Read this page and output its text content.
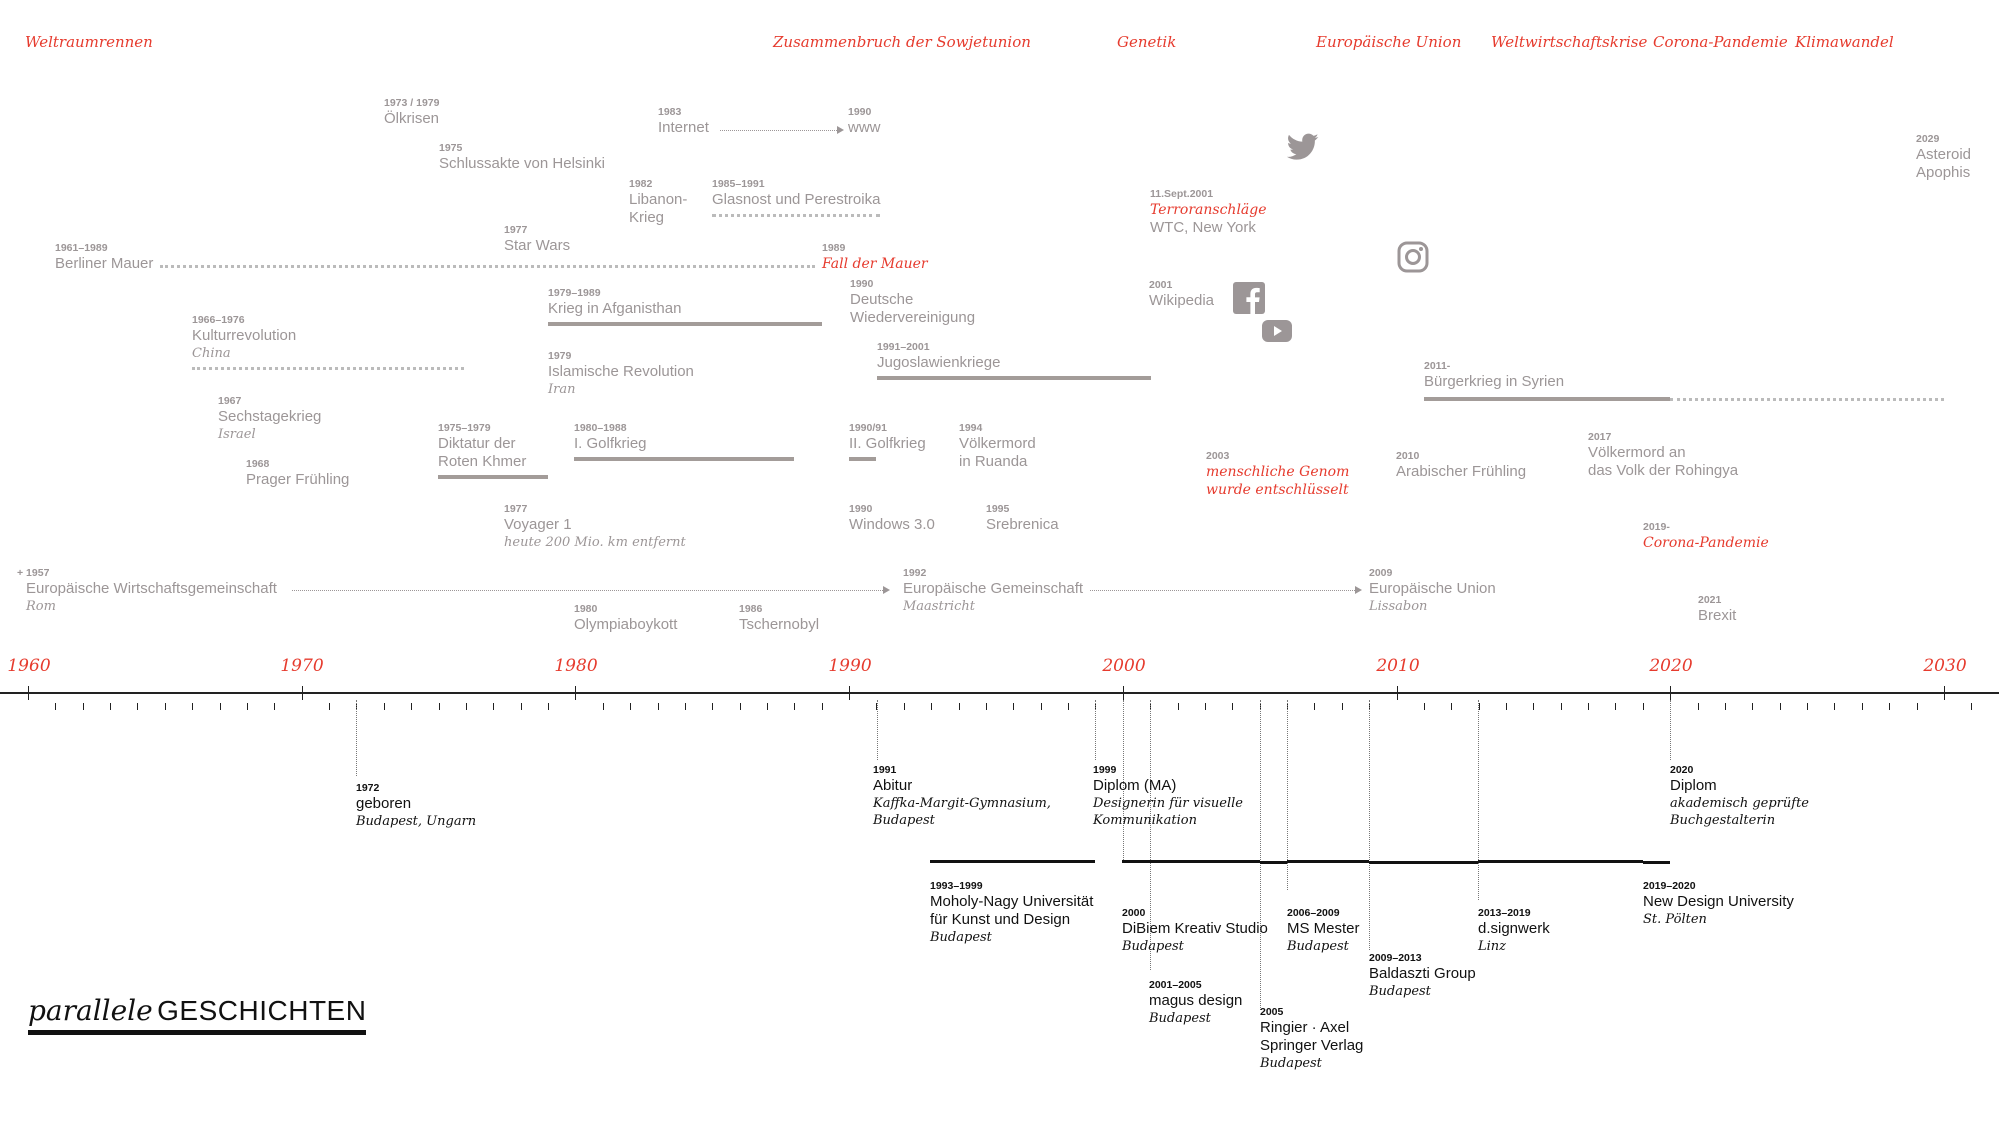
Weltraumrennen	Zusammenbruch der Sowjetunion	Genetik	Europäische Union Weltwirtschaftskrise Corona-Pandemie Klimawandel
1973 / 1979
Ölkrisen	1983
Internet
1990
www
1975
Schlussakte von Helsinki
1982
Libanon-
Krieg
1985–1991
Glasnost und Perestroika
1977
Star Wars
1961–1989
Berliner Mauer
1989
Fall der Mauer
1979–1989
Krieg in Afganisthan
1990
Deutsche
Wiedervereinigung
1966–1976
Kulturrevolution
China	1979
Islamische Revolution
Iran
1991–2001
Jugoslawienkriege
1967
Sechstagekrieg
Israel
1968
Prager Frühling
1975–1979
Diktatur der
Roten Khmer
1980–1988
I. Golfkrieg
1990/91
II. Golfkrieg
1994
Völkermord
in Ruanda
1977
Voyager 1
heute 200 Mio. km entfernt
1990
Windows 3.0
1995
Srebrenica
+ 1957
Europäische Wirtschaftsgemeinschaft
Rom
1992
Europäische Gemeinschaft
Maastricht
2009
Europäische Union
Lissabon
1980
Olympiaboykott
1986
Tschernobyl
11.Sept.2001
Terroranschläge
WTC, New York
2001
Wikipedia
2003
menschliche Genom
wurde entschlüsselt
2011-
Bürgerkrieg in Syrien
2010
Arabischer Frühling
2017
Völkermord an
das Volk der Rohingya
2019-
Corona-Pandemie
2021
Brexit
2029
Asteroid
Apophis
1960	1970	1980	1990	2000	2010	2020	2030
1972
geboren
Budapest, Ungarn
1991
Abitur
Kaffka-Margit-Gymnasium,
Budapest
1999
Diplom (MA)
Designerin für visuelle
Kommunikation
2020
Diplom
akademisch geprüfte
Buchgestalterin
1993–1999
Moholy-Nagy Universität
für Kunst und Design
Budapest
2000
DiBiem Kreativ Studio
Budapest
2001–2005
magus design
Budapest	2005
Ringier · Axel
Springer Verlag
Budapest
2006–2009
MS Mester
Budapest
2009–2013
Baldaszti Group
Budapest
2013–2019
d.signwerk
Linz
2019–2020
New Design University
St. Pölten
parallele GESCHICHTEN
